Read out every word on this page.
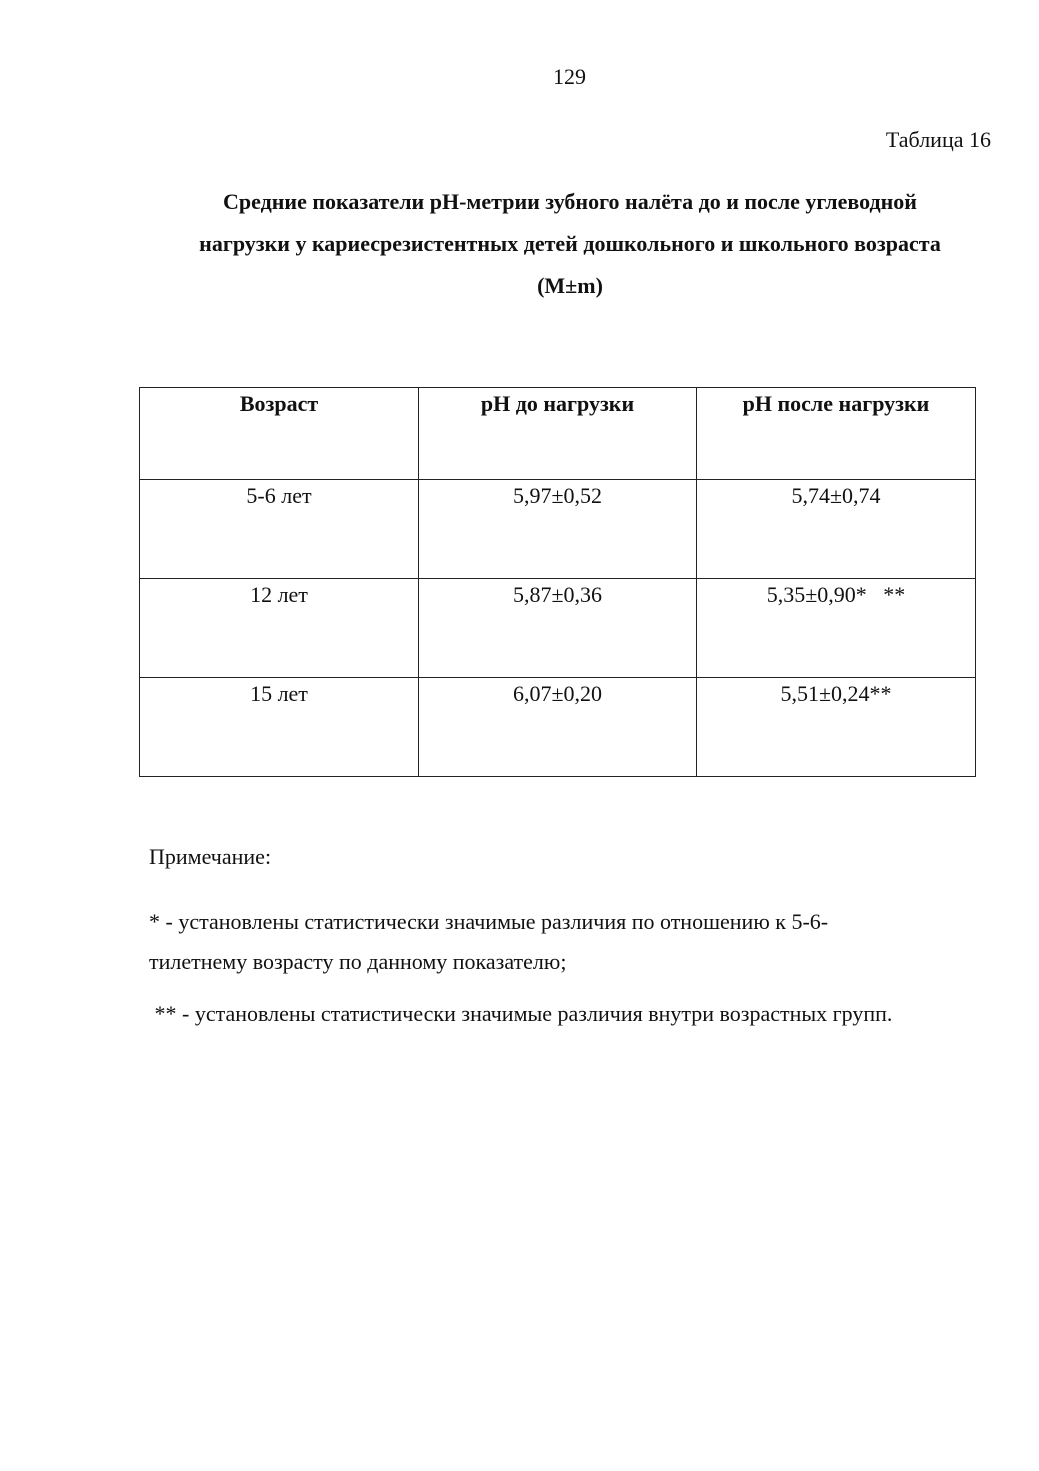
129
Таблица 16
Средние показатели pH-метрии зубного налёта до и после углеводной
нагрузки у кариесрезистентных детей дошкольного и школьного возраста
(M±m)
Возраст	pH до нагрузки	pH после нагрузки
5-6 лет	5,97±0,52	5,74±0,74
12 лет	5,87±0,36	5,35±0,90*   **
15 лет	6,07±0,20	5,51±0,24**

Примечание:

* - установлены статистически значимые различия по отношению к 5-6-тилетнему возрасту по данному показателю;
** - установлены статистически значимые различия внутри возрастных групп.
